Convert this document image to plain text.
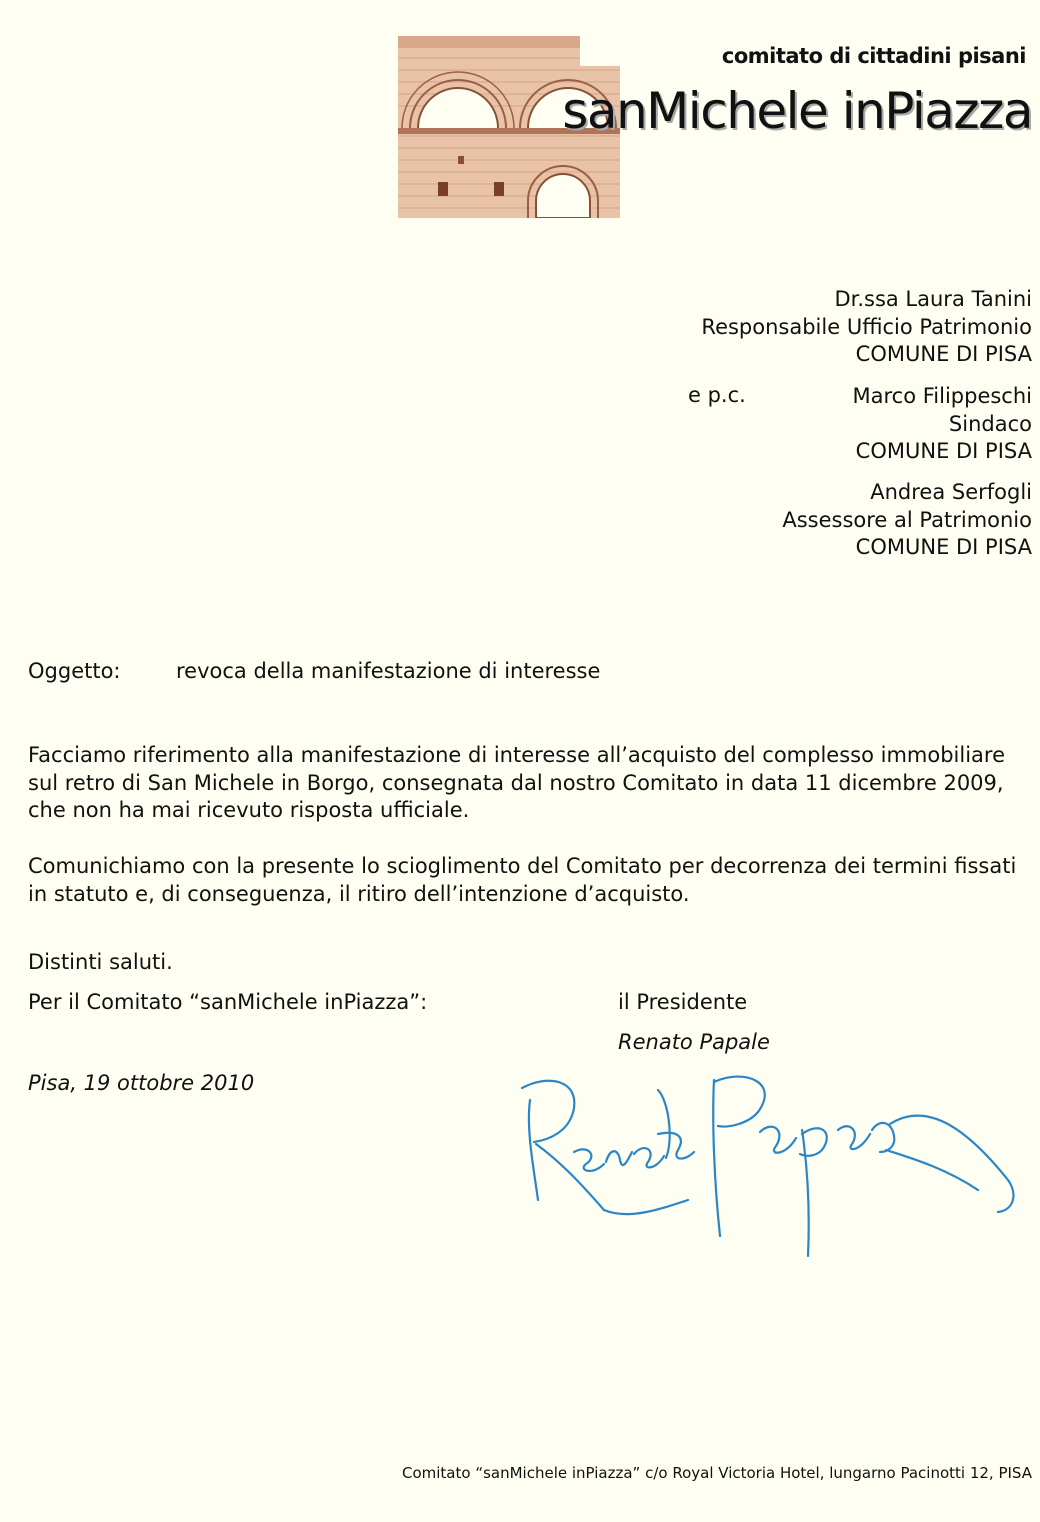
comitato di cittadini pisani
sanMichele inPiazza
Dr.ssa Laura Tanini
Responsabile Ufficio Patrimonio
COMUNE DI PISA
e p.c.	Marco Filippeschi
Sindaco
COMUNE DI PISA
Andrea Serfogli
Assessore al Patrimonio
COMUNE DI PISA
Oggetto:	revoca della manifestazione di interesse
Facciamo riferimento alla manifestazione di interesse all’acquisto del complesso immobiliare sul retro di San Michele in Borgo, consegnata dal nostro Comitato in data 11 dicembre 2009, che non ha mai ricevuto risposta ufficiale.
Comunichiamo con la presente lo scioglimento del Comitato per decorrenza dei termini fissati in statuto e, di conseguenza, il ritiro dell’intenzione d’acquisto.
Distinti saluti.
Per il Comitato “sanMichele inPiazza”:	il Presidente
Renato Papale
Pisa, 19 ottobre 2010
Comitato “sanMichele inPiazza” c/o Royal Victoria Hotel, lungarno Pacinotti 12, PISA
